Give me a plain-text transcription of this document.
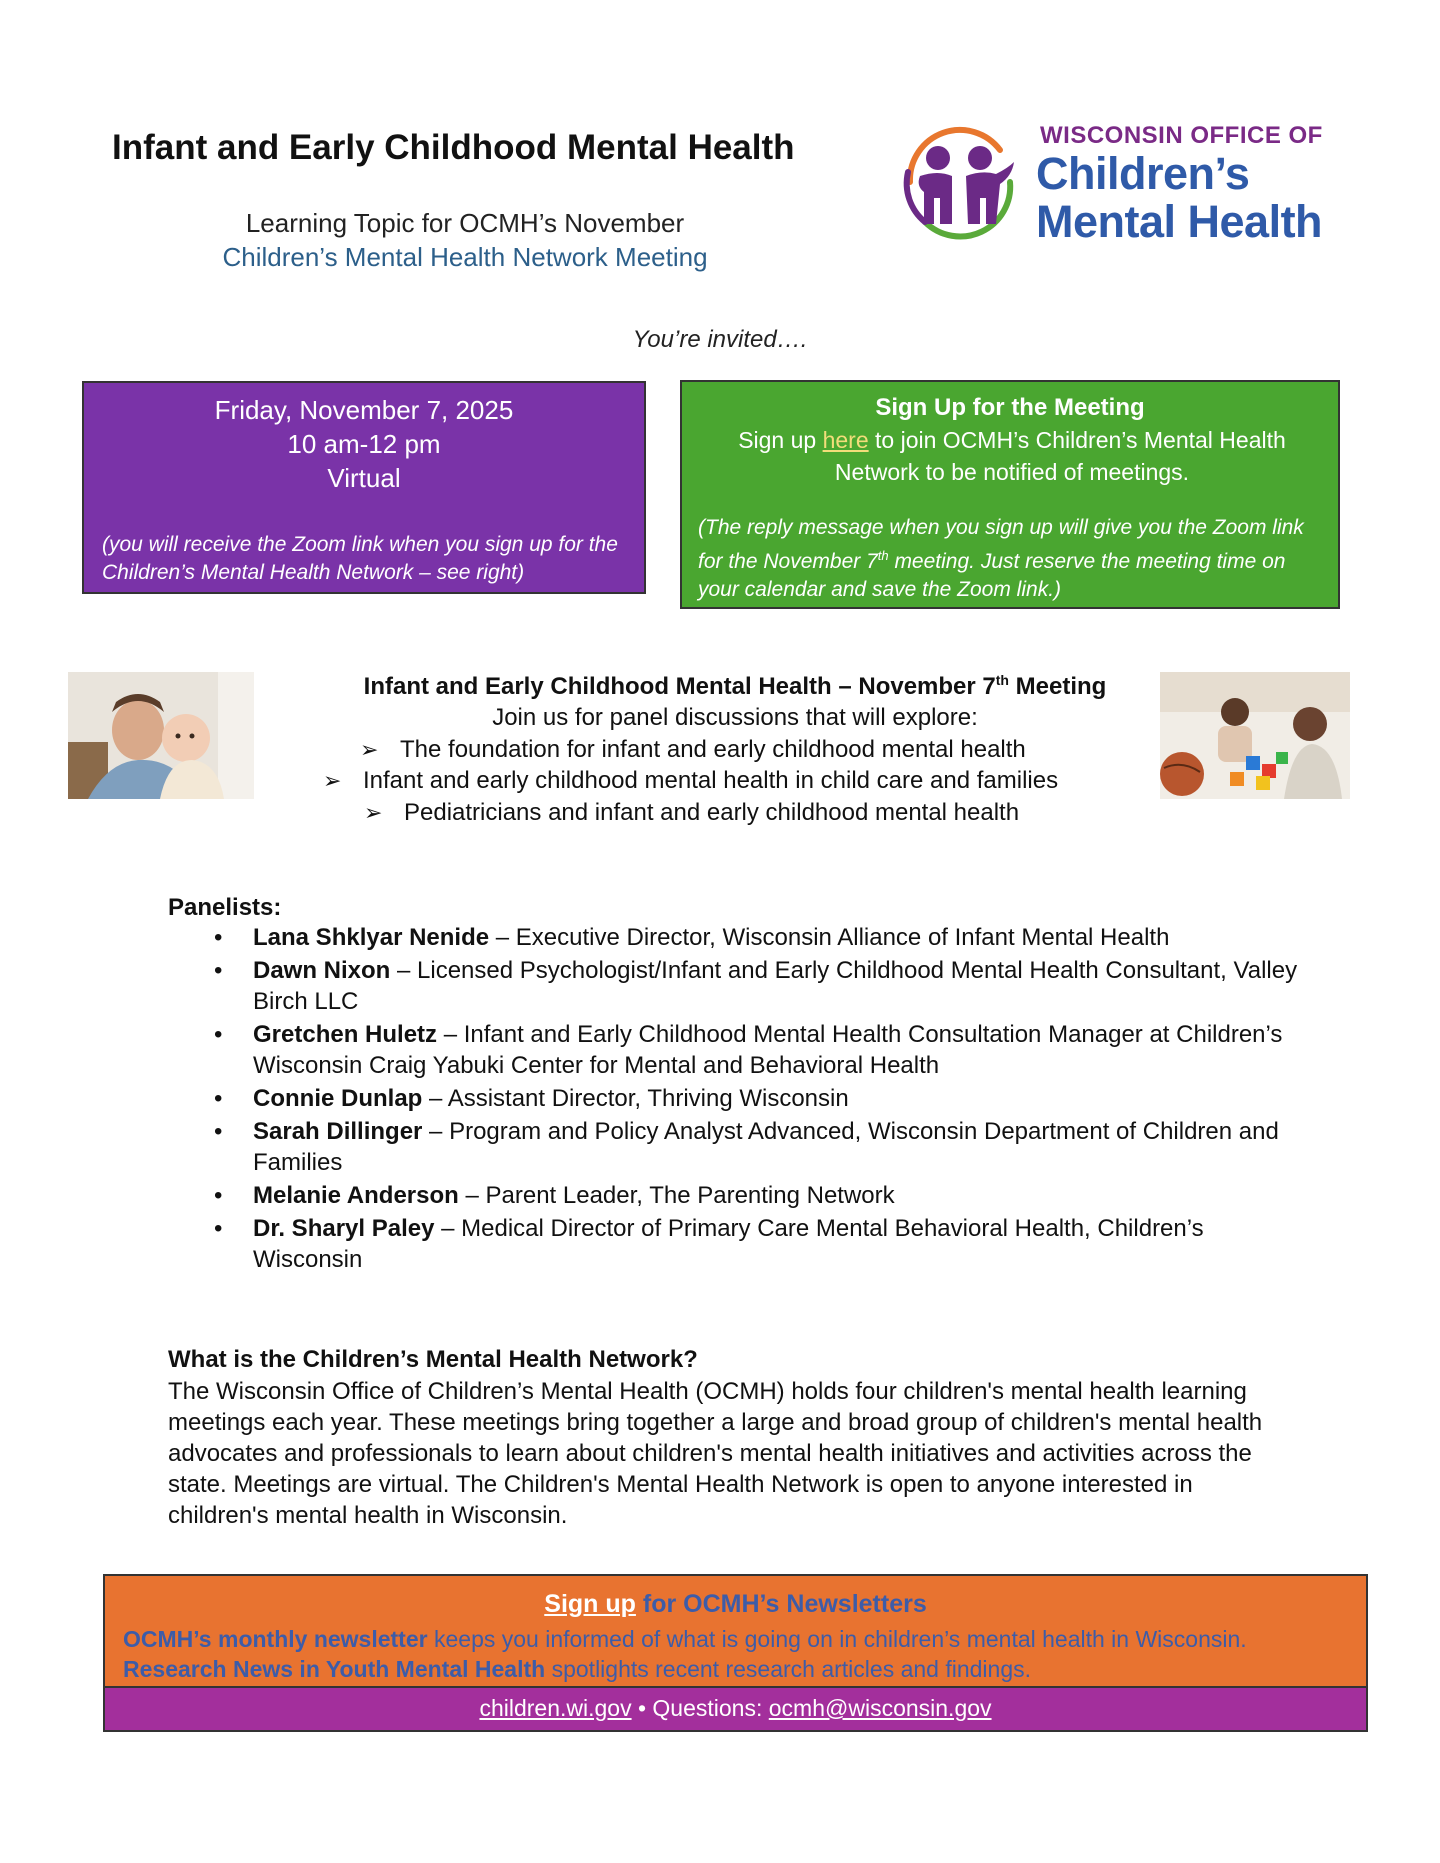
Infant and Early Childhood Mental Health
Learning Topic for OCMH’s November
Children’s Mental Health Network Meeting
WISCONSIN OFFICE OF
Children’s
Mental Health
You’re invited….
Friday, November 7, 2025
10 am-12 pm
Virtual
(you will receive the Zoom link when you sign up for the Children’s Mental Health Network – see right)
Sign Up for the Meeting
Sign up here to join OCMH’s Children’s Mental Health Network to be notified of meetings.
(The reply message when you sign up will give you the Zoom link for the November 7th meeting. Just reserve the meeting time on your calendar and save the Zoom link.)
Infant and Early Childhood Mental Health – November 7th Meeting
Join us for panel discussions that will explore:
➢ The foundation for infant and early childhood mental health
➢ Infant and early childhood mental health in child care and families
➢ Pediatricians and infant and early childhood mental health
Panelists:
• Lana Shklyar Nenide – Executive Director, Wisconsin Alliance of Infant Mental Health
• Dawn Nixon – Licensed Psychologist/Infant and Early Childhood Mental Health Consultant, Valley Birch LLC
• Gretchen Huletz – Infant and Early Childhood Mental Health Consultation Manager at Children’s Wisconsin Craig Yabuki Center for Mental and Behavioral Health
• Connie Dunlap – Assistant Director, Thriving Wisconsin
• Sarah Dillinger – Program and Policy Analyst Advanced, Wisconsin Department of Children and Families
• Melanie Anderson – Parent Leader, The Parenting Network
• Dr. Sharyl Paley – Medical Director of Primary Care Mental Behavioral Health, Children’s Wisconsin
What is the Children’s Mental Health Network?
The Wisconsin Office of Children’s Mental Health (OCMH) holds four children's mental health learning meetings each year. These meetings bring together a large and broad group of children's mental health advocates and professionals to learn about children's mental health initiatives and activities across the state. Meetings are virtual. The Children's Mental Health Network is open to anyone interested in children's mental health in Wisconsin.
Sign up for OCMH’s Newsletters
OCMH’s monthly newsletter keeps you informed of what is going on in children’s mental health in Wisconsin.
Research News in Youth Mental Health spotlights recent research articles and findings.
children.wi.gov • Questions: ocmh@wisconsin.gov
